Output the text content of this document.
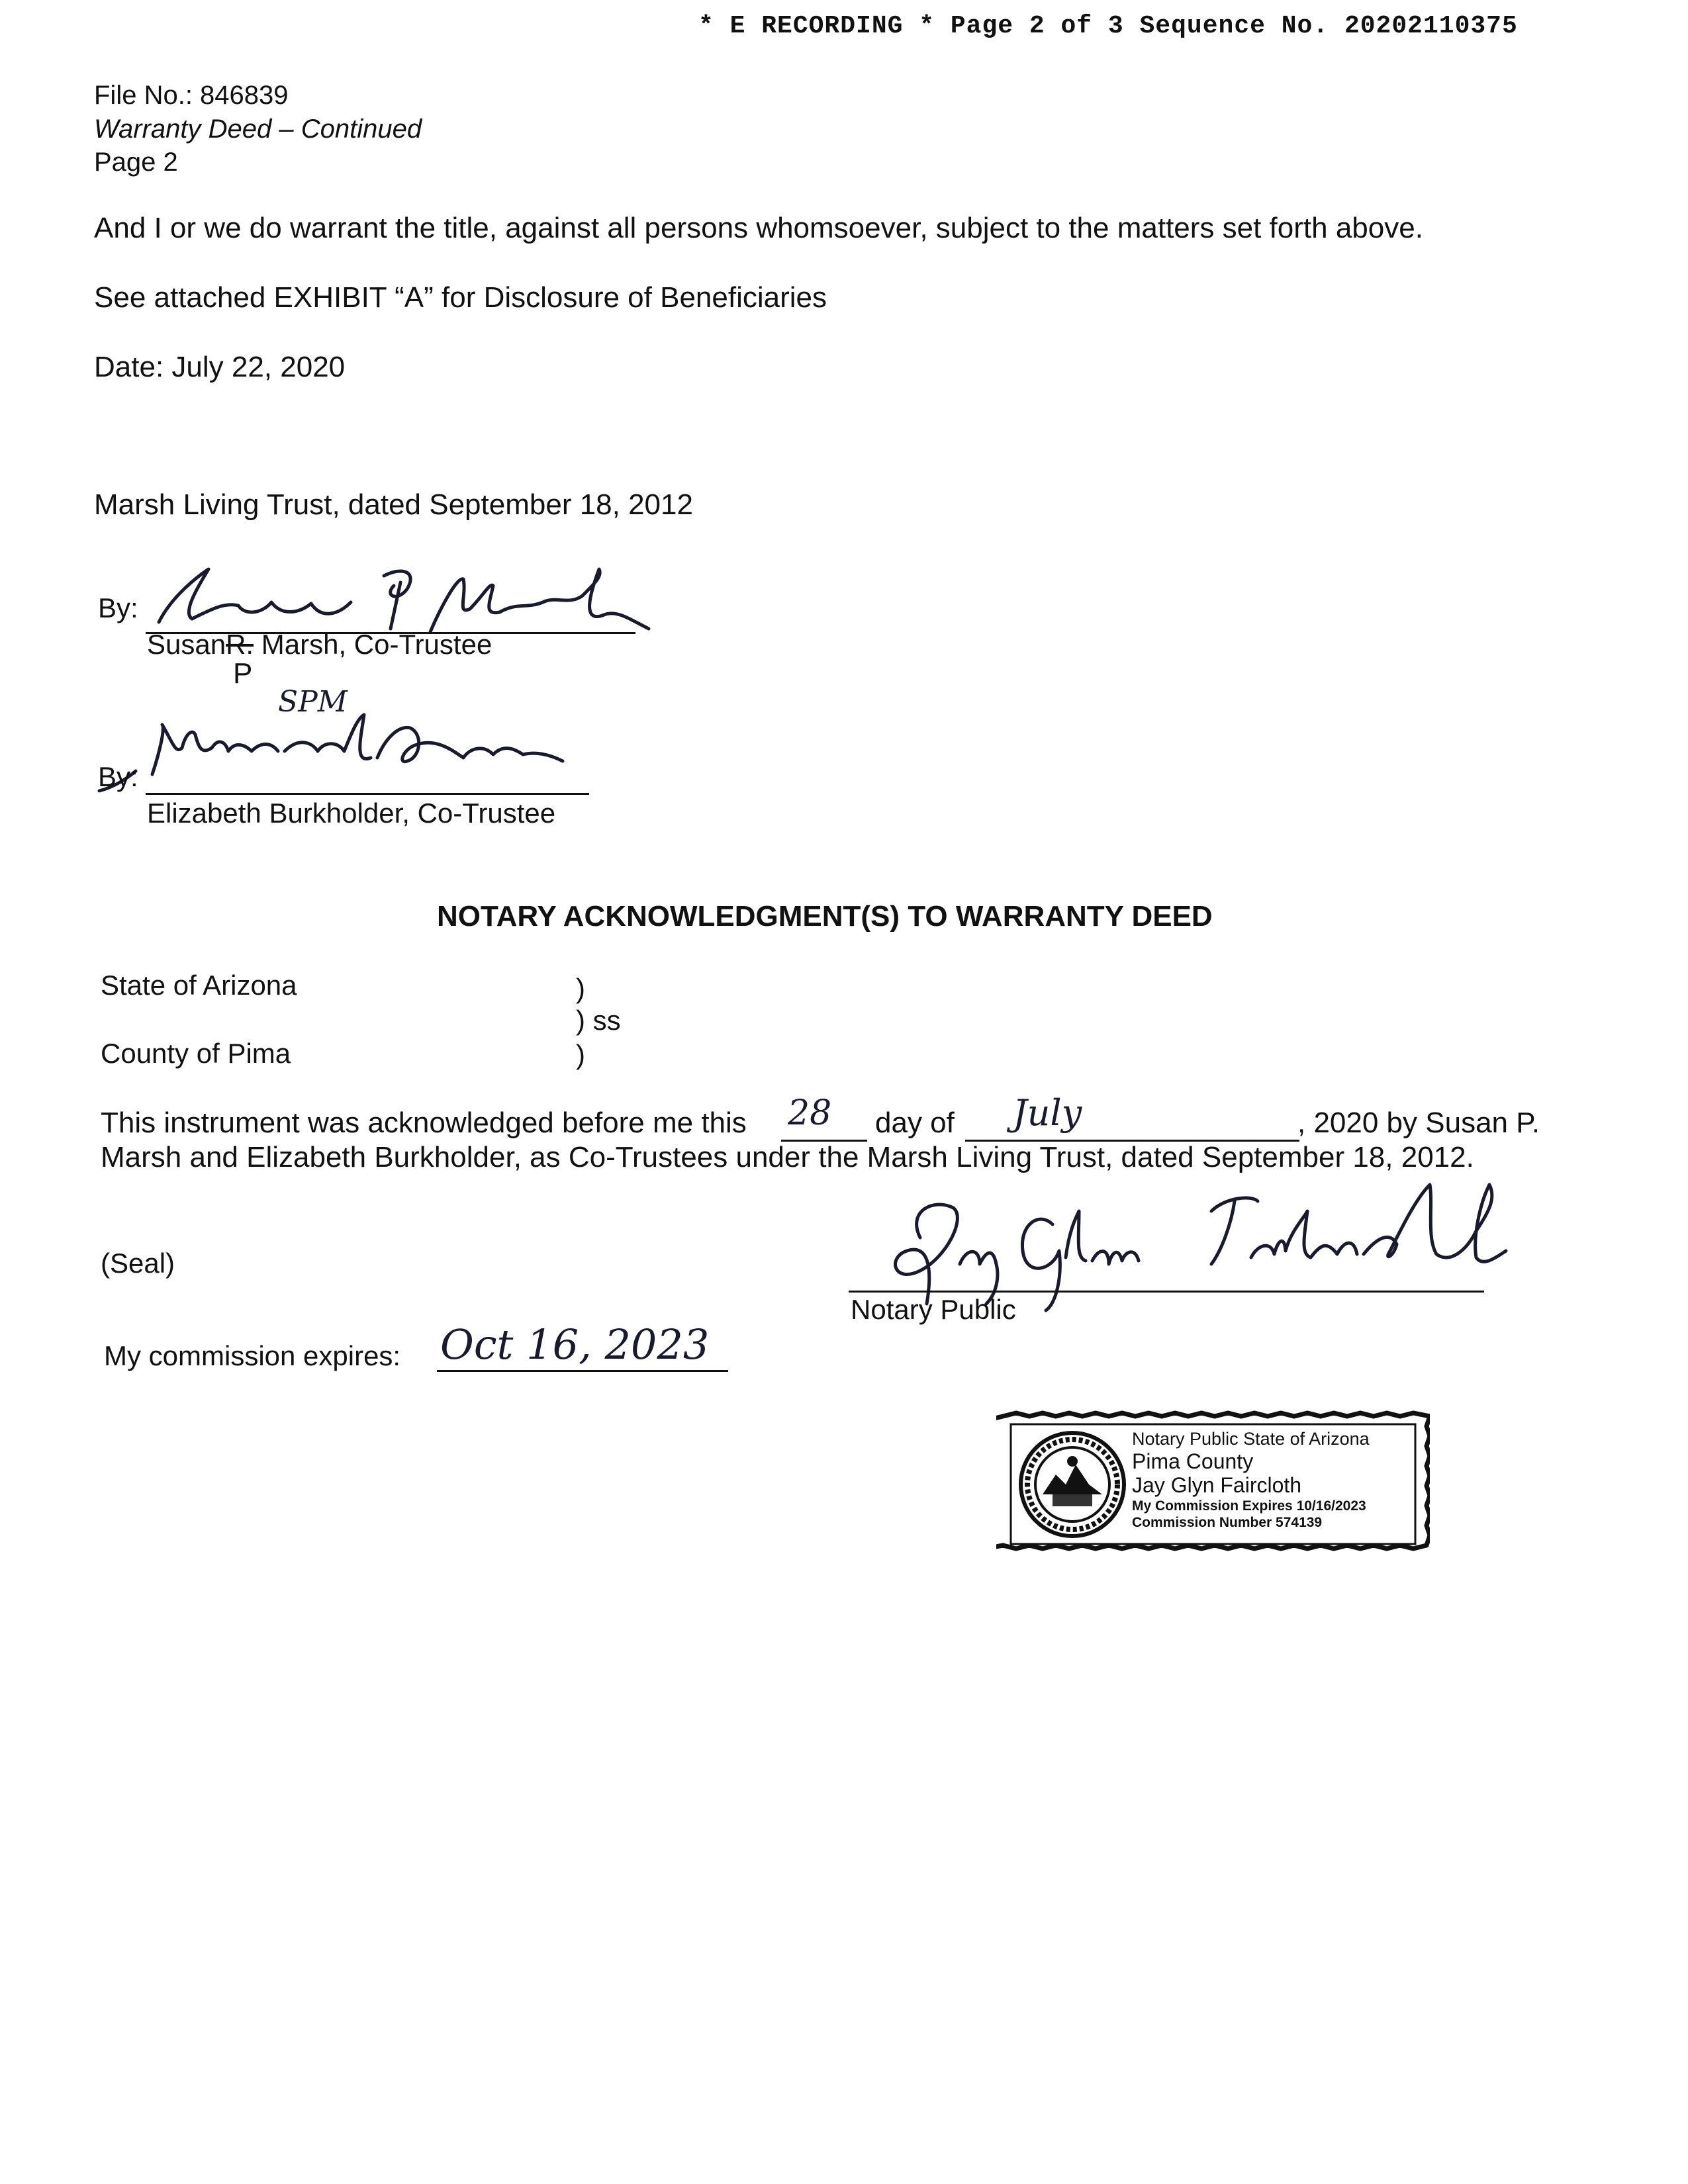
* E RECORDING * Page 2 of 3 Sequence No. 20202110375
File No.: 846839
Warranty Deed – Continued
Page 2
And I or we do warrant the title, against all persons whomsoever, subject to the matters set forth above.
See attached EXHIBIT “A” for Disclosure of Beneficiaries
Date: July 22, 2020
Marsh Living Trust, dated September 18, 2012
By:
SusanR. Marsh, Co-Trustee
P
SPM
By:
Elizabeth Burkholder, Co-Trustee
NOTARY ACKNOWLEDGMENT(S) TO WARRANTY DEED
State of Arizona
County of Pima
)
) ss
)
This instrument was acknowledged before me this 28 day of July	, 2020 by Susan P.
Marsh and Elizabeth Burkholder, as Co-Trustees under the Marsh Living Trust, dated September 18, 2012.
(Seal)
Notary Public
My commission expires: Oct 16, 2023
Notary Public State of Arizona
Pima County
Jay Glyn Faircloth
My Commission Expires 10/16/2023
Commission Number 574139
